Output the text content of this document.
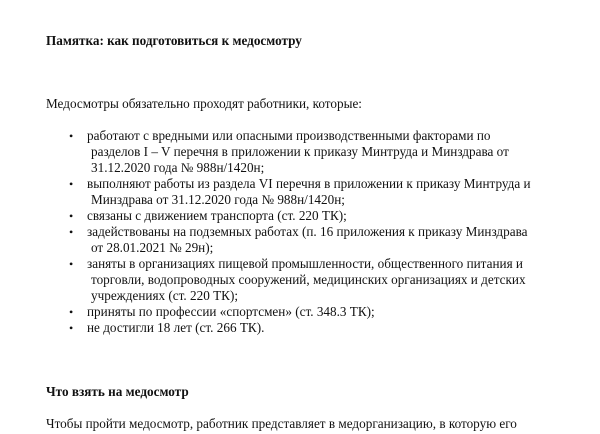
Памятка: как подготовиться к медосмотру
Медосмотры обязательно проходят работники, которые:
• работают с вредными или опасными производственными факторами по
разделов I – V перечня в приложении к приказу Минтруда и Минздрава от
31.12.2020 года № 988н/1420н;
• выполняют работы из раздела VI перечня в приложении к приказу Минтруда и
Минздрава от 31.12.2020 года № 988н/1420н;
• связаны с движением транспорта (ст. 220 ТК);
• задействованы на подземных работах (п. 16 приложения к приказу Минздрава
от 28.01.2021 № 29н);
• заняты в организациях пищевой промышленности, общественного питания и
торговли, водопроводных сооружений, медицинских организациях и детских
учреждениях (ст. 220 ТК);
• приняты по профессии «спортсмен» (ст. 348.3 ТК);
• не достигли 18 лет (ст. 266 ТК).
Что взять на медосмотр
Чтобы пройти медосмотр, работник представляет в медорганизацию, в которую его
